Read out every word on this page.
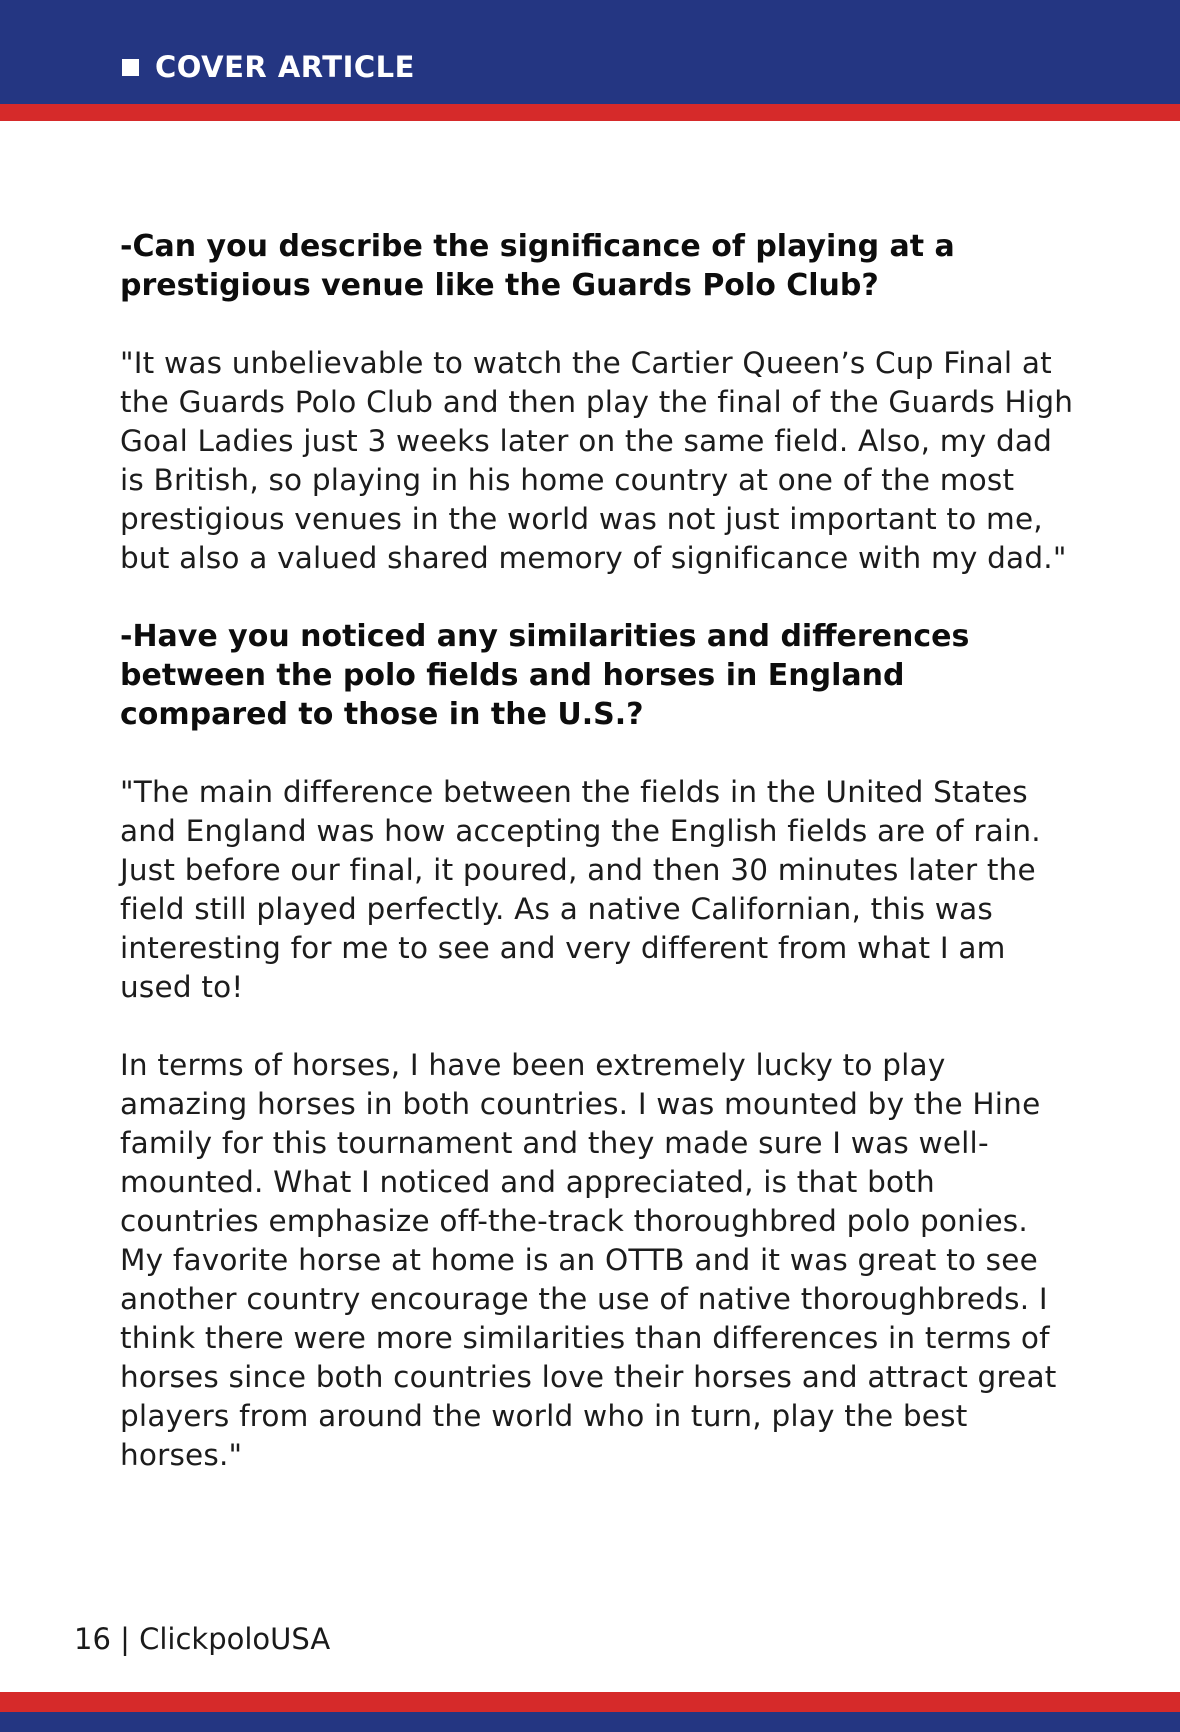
COVER ARTICLE

-Can you describe the significance of playing at a prestigious venue like the Guards Polo Club?

"It was unbelievable to watch the Cartier Queen’s Cup Final at the Guards Polo Club and then play the final of the Guards High Goal Ladies just 3 weeks later on the same field. Also, my dad is British, so playing in his home country at one of the most prestigious venues in the world was not just important to me, but also a valued shared memory of significance with my dad."

-Have you noticed any similarities and differences between the polo fields and horses in England compared to those in the U.S.?

"The main difference between the fields in the United States and England was how accepting the English fields are of rain. Just before our final, it poured, and then 30 minutes later the field still played perfectly. As a native Californian, this was interesting for me to see and very different from what I am used to!

In terms of horses, I have been extremely lucky to play amazing horses in both countries. I was mounted by the Hine family for this tournament and they made sure I was well-mounted. What I noticed and appreciated, is that both countries emphasize off-the-track thoroughbred polo ponies. My favorite horse at home is an OTTB and it was great to see another country encourage the use of native thoroughbreds. I think there were more similarities than differences in terms of horses since both countries love their horses and attract great players from around the world who in turn, play the best horses."

16 | ClickpoloUSA
